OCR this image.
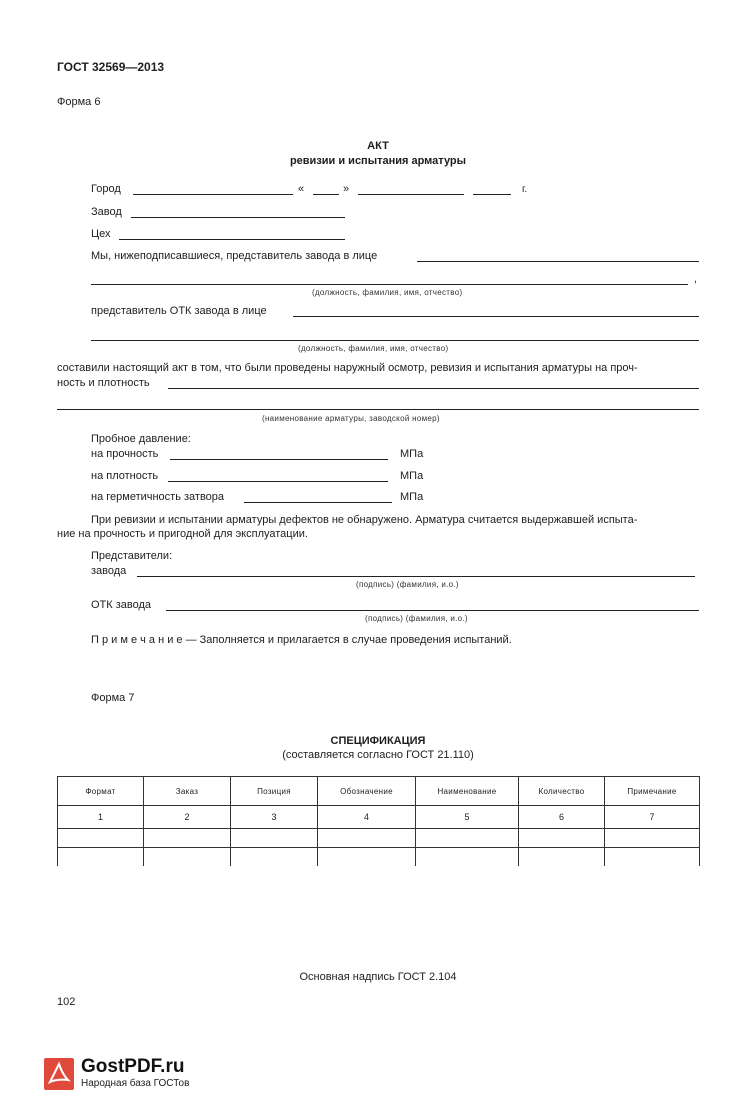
ГОСТ 32569—2013
Форма 6
АКТ
ревизии и испытания арматуры
Город	«	»	г.
Завод
Цех
Мы, нижеподписавшиеся, представитель завода в лице
,
(должность, фамилия, имя, отчество)
представитель ОТК завода в лице
(должность, фамилия, имя, отчество)
составили настоящий акт в том, что были проведены наружный осмотр, ревизия и испытания арматуры на проч-
ность и плотность
(наименование арматуры, заводской номер)
Пробное давление:
на прочность	МПа
на плотность	МПа
на герметичность затвора	МПа
При ревизии и испытании арматуры дефектов не обнаружено. Арматура считается выдержавшей испыта-
ние на прочность и пригодной для эксплуатации.
Представители:
завода
(подпись) (фамилия, и.о.)
ОТК завода
(подпись) (фамилия, и.о.)
П р и м е ч а н и е — Заполняется и прилагается в случае проведения испытаний.
Форма 7
СПЕЦИФИКАЦИЯ
(составляется согласно ГОСТ 21.110)
Формат	Заказ	Позиция	Обозначение	Наименование	Количество	Примечание
1	2	3	4	5	6	7

Основная надпись ГОСТ 2.104
102
GostPDF.ru
Народная база ГОСТов
